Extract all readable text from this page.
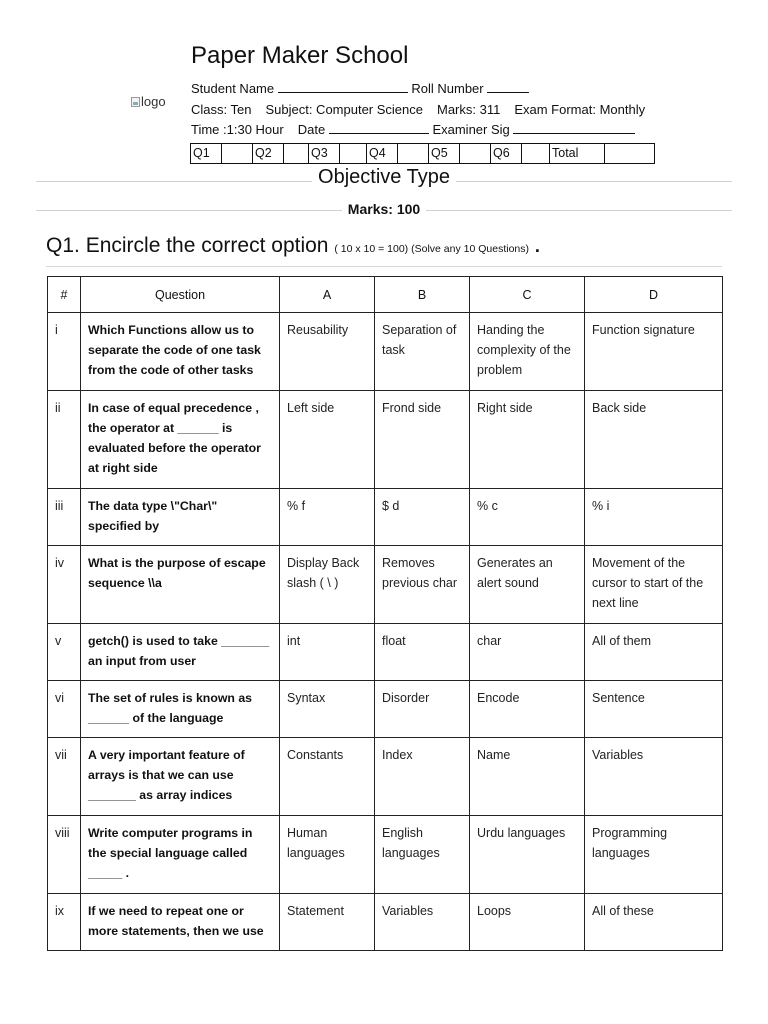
logo
Paper Maker School
Student Name	Roll Number
Class: Ten Subject: Computer Science Marks: 311 Exam Format: Monthly
Time :1:30 Hour Date	Examiner Sig
Q1		Q2		Q3		Q4		Q5		Q6		Total	
Objective Type
Marks: 100
Q1. Encircle the correct option ( 10 x 10 = 100) (Solve any 10 Questions) .
#	Question	A	B	C	D
i	Which Functions allow us to separate the code of one task from the code of other tasks	Reusability	Separation of task	Handing the complexity of the problem	Function signature
ii	In case of equal precedence , the operator at ______ is evaluated before the operator at right side	Left side	Frond side	Right side	Back side
iii	The data type \"Char\" specified by	% f	$ d	% c	% i
iv	What is the purpose of escape sequence \\a	Display Back slash ( \ )	Removes previous char	Generates an alert sound	Movement of the cursor to start of the next line
v	getch() is used to take _______ an input from user	int	float	char	All of them
vi	The set of rules is known as ______ of the language	Syntax	Disorder	Encode	Sentence
vii	A very important feature of arrays is that we can use _______ as array indices	Constants	Index	Name	Variables
viii	Write computer programs in the special language called _____ .	Human languages	English languages	Urdu languages	Programming languages
ix	If we need to repeat one or more statements, then we use	Statement	Variables	Loops	All of these
